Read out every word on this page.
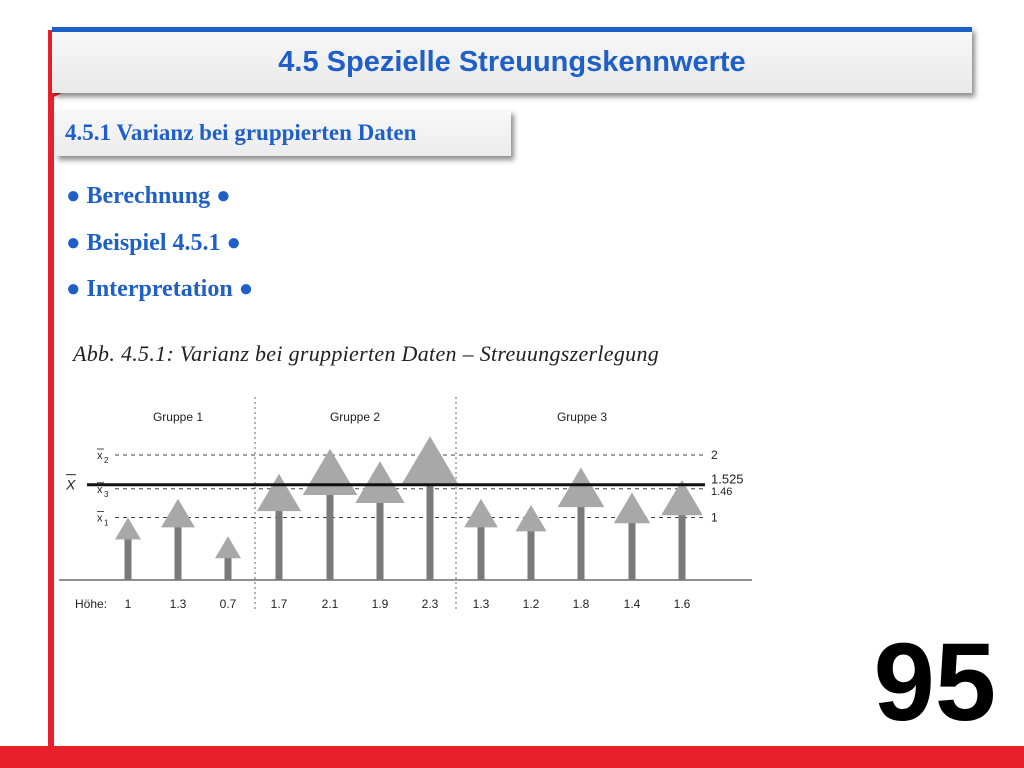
4.5 Spezielle Streuungskennwerte
4.5.1 Varianz bei gruppierten Daten
● Berechnung ●
● Beispiel 4.5.1 ●
● Interpretation ●
Abb. 4.5.1: Varianz bei gruppierten Daten – Streuungszerlegung
Gruppe 1	Gruppe 2	Gruppe 3
1	1.3	0.7	1.7	2.1	1.9	2.3	1.3	1.2	1.8	1.4	1.6
x 1
x 2
x 3
X
1
2
1.46
1.525
Höhe:
95
